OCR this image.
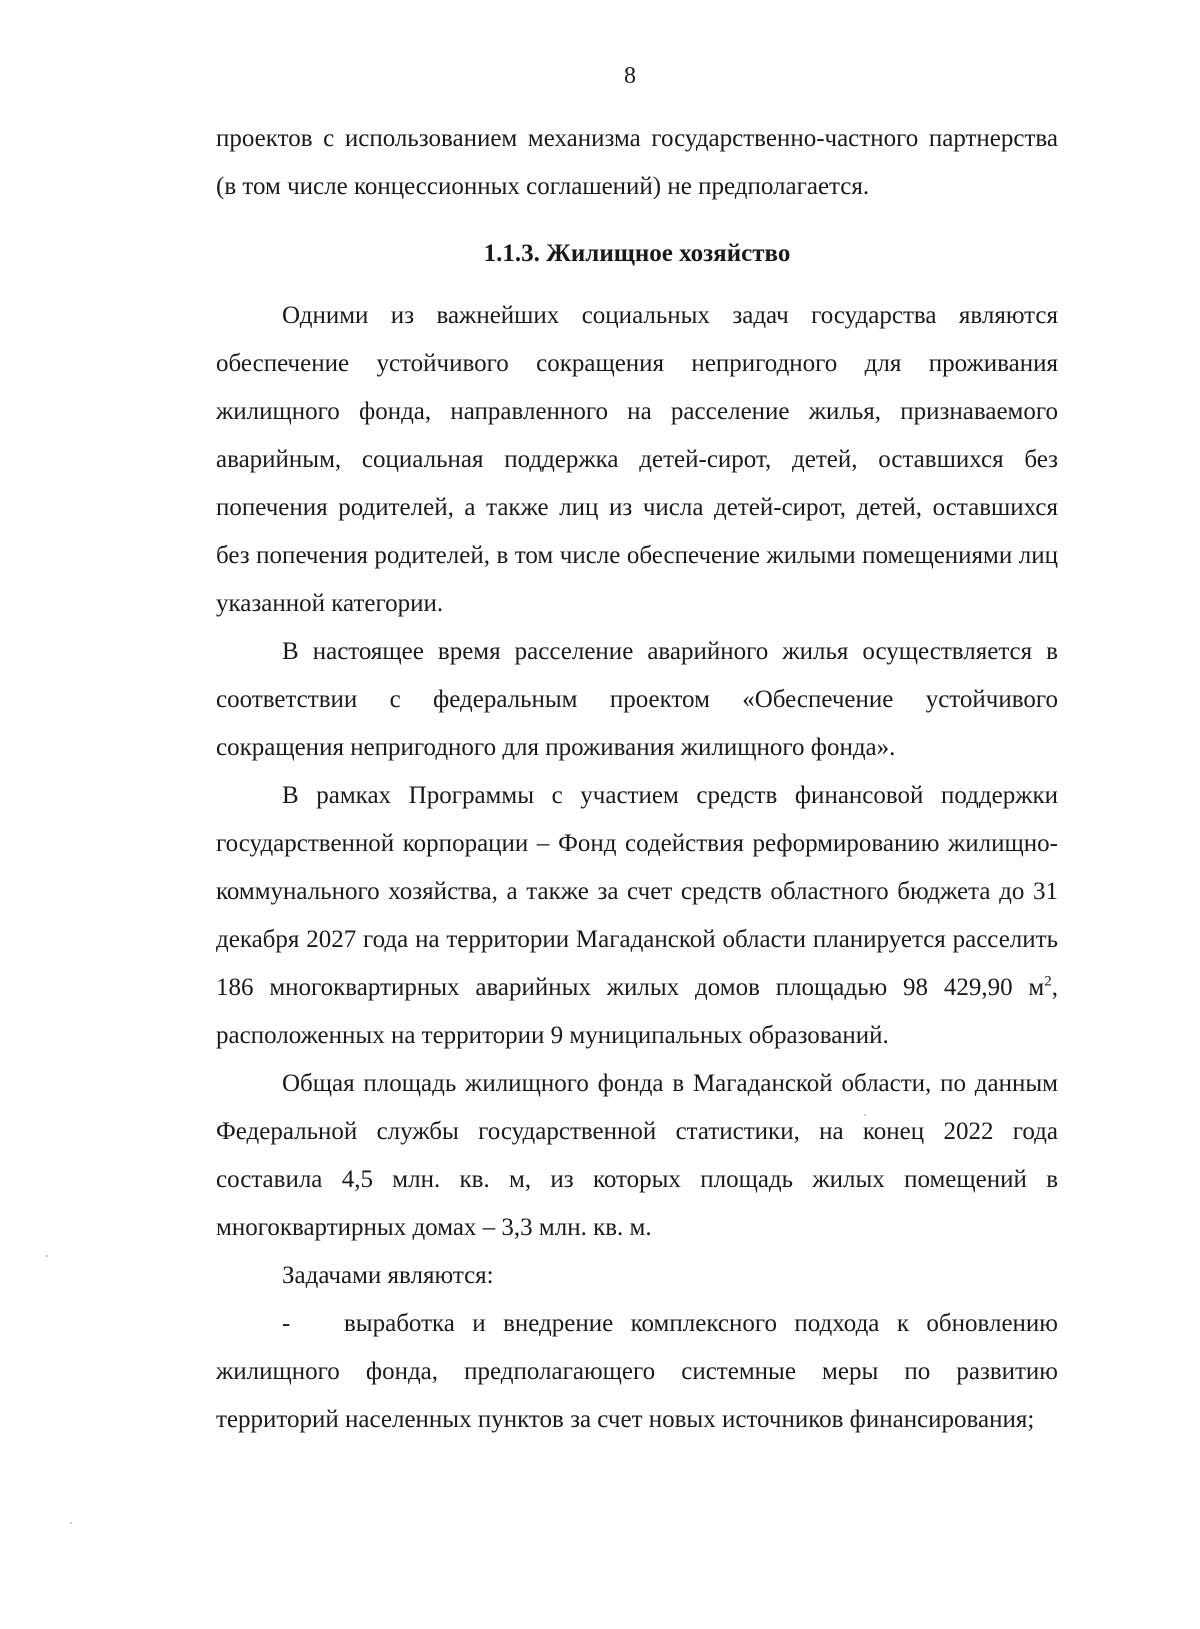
8

проектов с использованием механизма государственно-частного партнерства (в том числе концессионных соглашений) не предполагается.

1.1.3. Жилищное хозяйство

Одними из важнейших социальных задач государства являются обеспечение устойчивого сокращения непригодного для проживания жилищного фонда, направленного на расселение жилья, признаваемого аварийным, социальная поддержка детей-сирот, детей, оставшихся без попечения родителей, а также лиц из числа детей-сирот, детей, оставшихся без попечения родителей, в том числе обеспечение жилыми помещениями лиц указанной категории.

В настоящее время расселение аварийного жилья осуществляется в соответствии с федеральным проектом «Обеспечение устойчивого сокращения непригодного для проживания жилищного фонда».

В рамках Программы с участием средств финансовой поддержки государственной корпорации – Фонд содействия реформированию жилищно-коммунального хозяйства, а также за счет средств областного бюджета до 31 декабря 2027 года на территории Магаданской области планируется расселить 186 многоквартирных аварийных жилых домов площадью 98 429,90 $м^2$, расположенных на территории 9 муниципальных образований.

Общая площадь жилищного фонда в Магаданской области, по данным Федеральной службы государственной статистики, на конец 2022 года составила 4,5 млн. кв. м, из которых площадь жилых помещений в многоквартирных домах – 3,3 млн. кв. м.

Задачами являются:

- выработка и внедрение комплексного подхода к обновлению жилищного фонда, предполагающего системные меры по развитию территорий населенных пунктов за счет новых источников финансирования;
